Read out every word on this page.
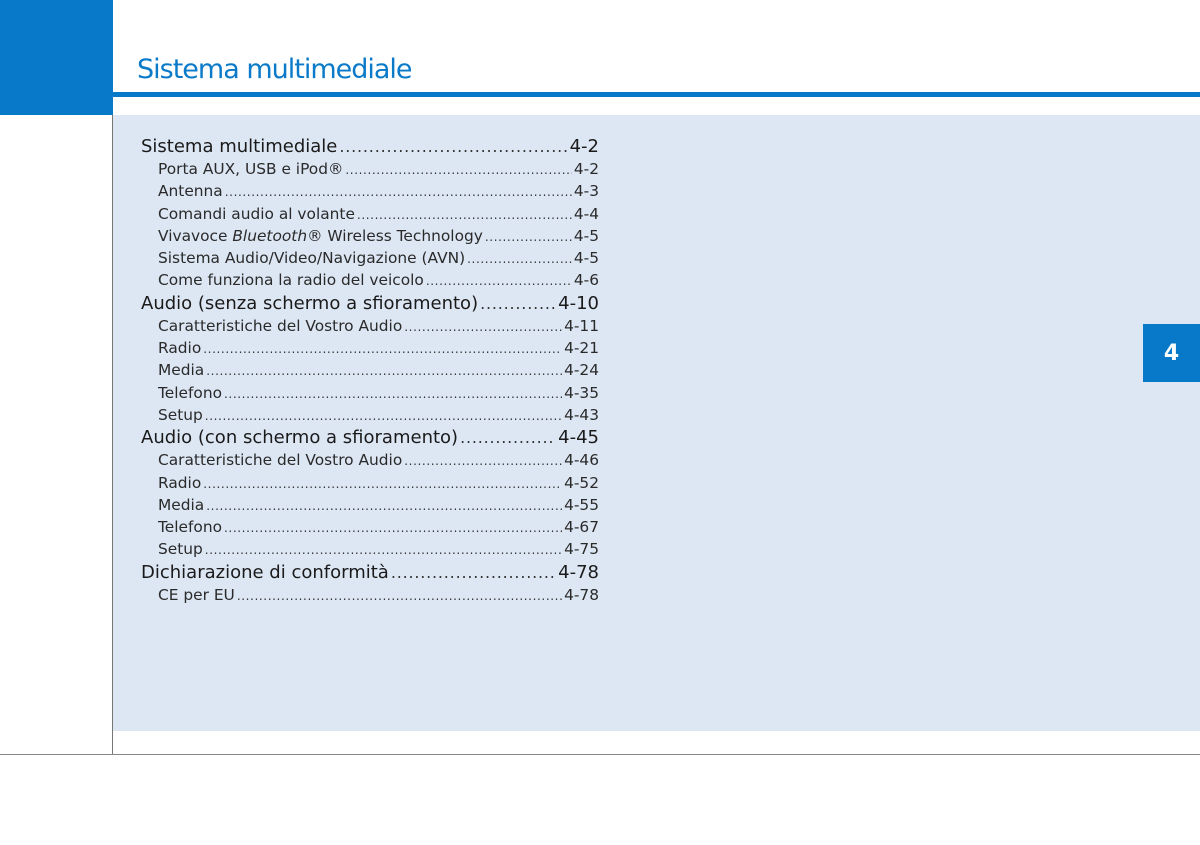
Sistema multimediale
4
Sistema multimediale .....	4-2
Porta AUX, USB e iPod® .....	4-2
Antenna .....	4-3
Comandi audio al volante .....	4-4
Vivavoce Bluetooth® Wireless Technology .....	4-5
Sistema Audio/Video/Navigazione (AVN) .....	4-5
Come funziona la radio del veicolo .....	4-6
Audio (senza schermo a sfioramento) .....	4-10
Caratteristiche del Vostro Audio .....	4-11
Radio .....	4-21
Media .....	4-24
Telefono .....	4-35
Setup .....	4-43
Audio (con schermo a sfioramento) .....	4-45
Caratteristiche del Vostro Audio .....	4-46
Radio .....	4-52
Media .....	4-55
Telefono .....	4-67
Setup .....	4-75
Dichiarazione di conformità .....	4-78
CE per EU .....	4-78
